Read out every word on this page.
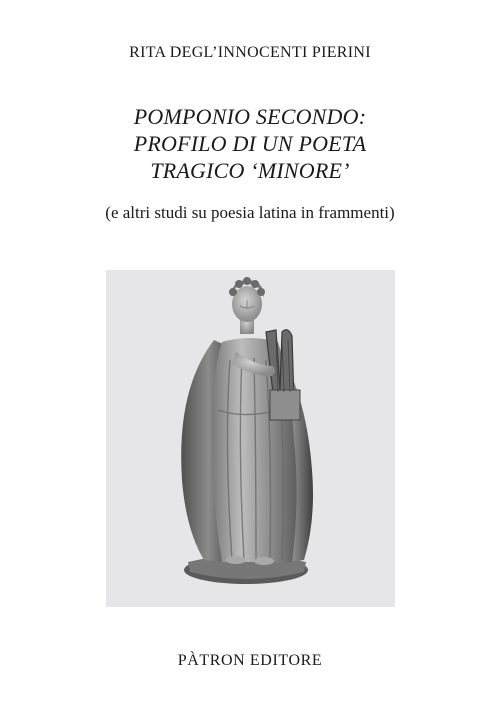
RITA DEGL’INNOCENTI PIERINI
POMPONIO SECONDO:
PROFILO DI UN POETA
TRAGICO ‘MINORE’
(e altri studi su poesia latina in frammenti)
PÀTRON EDITORE
